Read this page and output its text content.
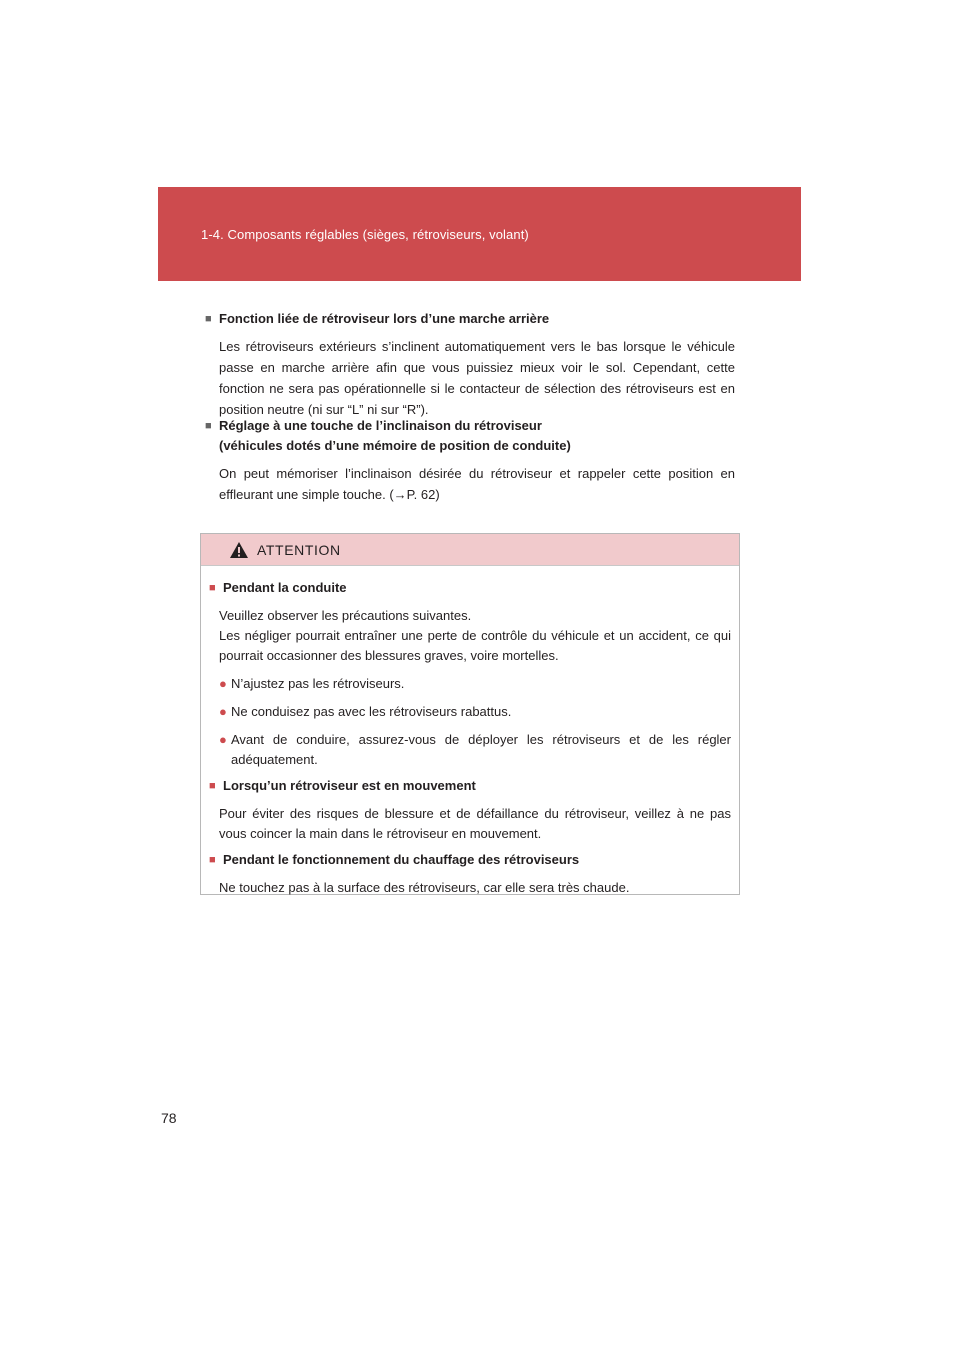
1-4. Composants réglables (sièges, rétroviseurs, volant)
■ Fonction liée de rétroviseur lors d’une marche arrière
Les rétroviseurs extérieurs s’inclinent automatiquement vers le bas lorsque le véhicule passe en marche arrière afin que vous puissiez mieux voir le sol. Cependant, cette fonction ne sera pas opérationnelle si le contacteur de sélection des rétroviseurs est en position neutre (ni sur “L” ni sur “R”).
■ Réglage à une touche de l’inclinaison du rétroviseur
(véhicules dotés d’une mémoire de position de conduite)
On peut mémoriser l’inclinaison désirée du rétroviseur et rappeler cette position en effleurant une simple touche. (→P. 62)
ATTENTION
■ Pendant la conduite
Veuillez observer les précautions suivantes.
Les négliger pourrait entraîner une perte de contrôle du véhicule et un accident, ce qui pourrait occasionner des blessures graves, voire mortelles.
● N’ajustez pas les rétroviseurs.
● Ne conduisez pas avec les rétroviseurs rabattus.
● Avant de conduire, assurez-vous de déployer les rétroviseurs et de les régler adéquatement.
■ Lorsqu’un rétroviseur est en mouvement
Pour éviter des risques de blessure et de défaillance du rétroviseur, veillez à ne pas vous coincer la main dans le rétroviseur en mouvement.
■ Pendant le fonctionnement du chauffage des rétroviseurs
Ne touchez pas à la surface des rétroviseurs, car elle sera très chaude.
78
